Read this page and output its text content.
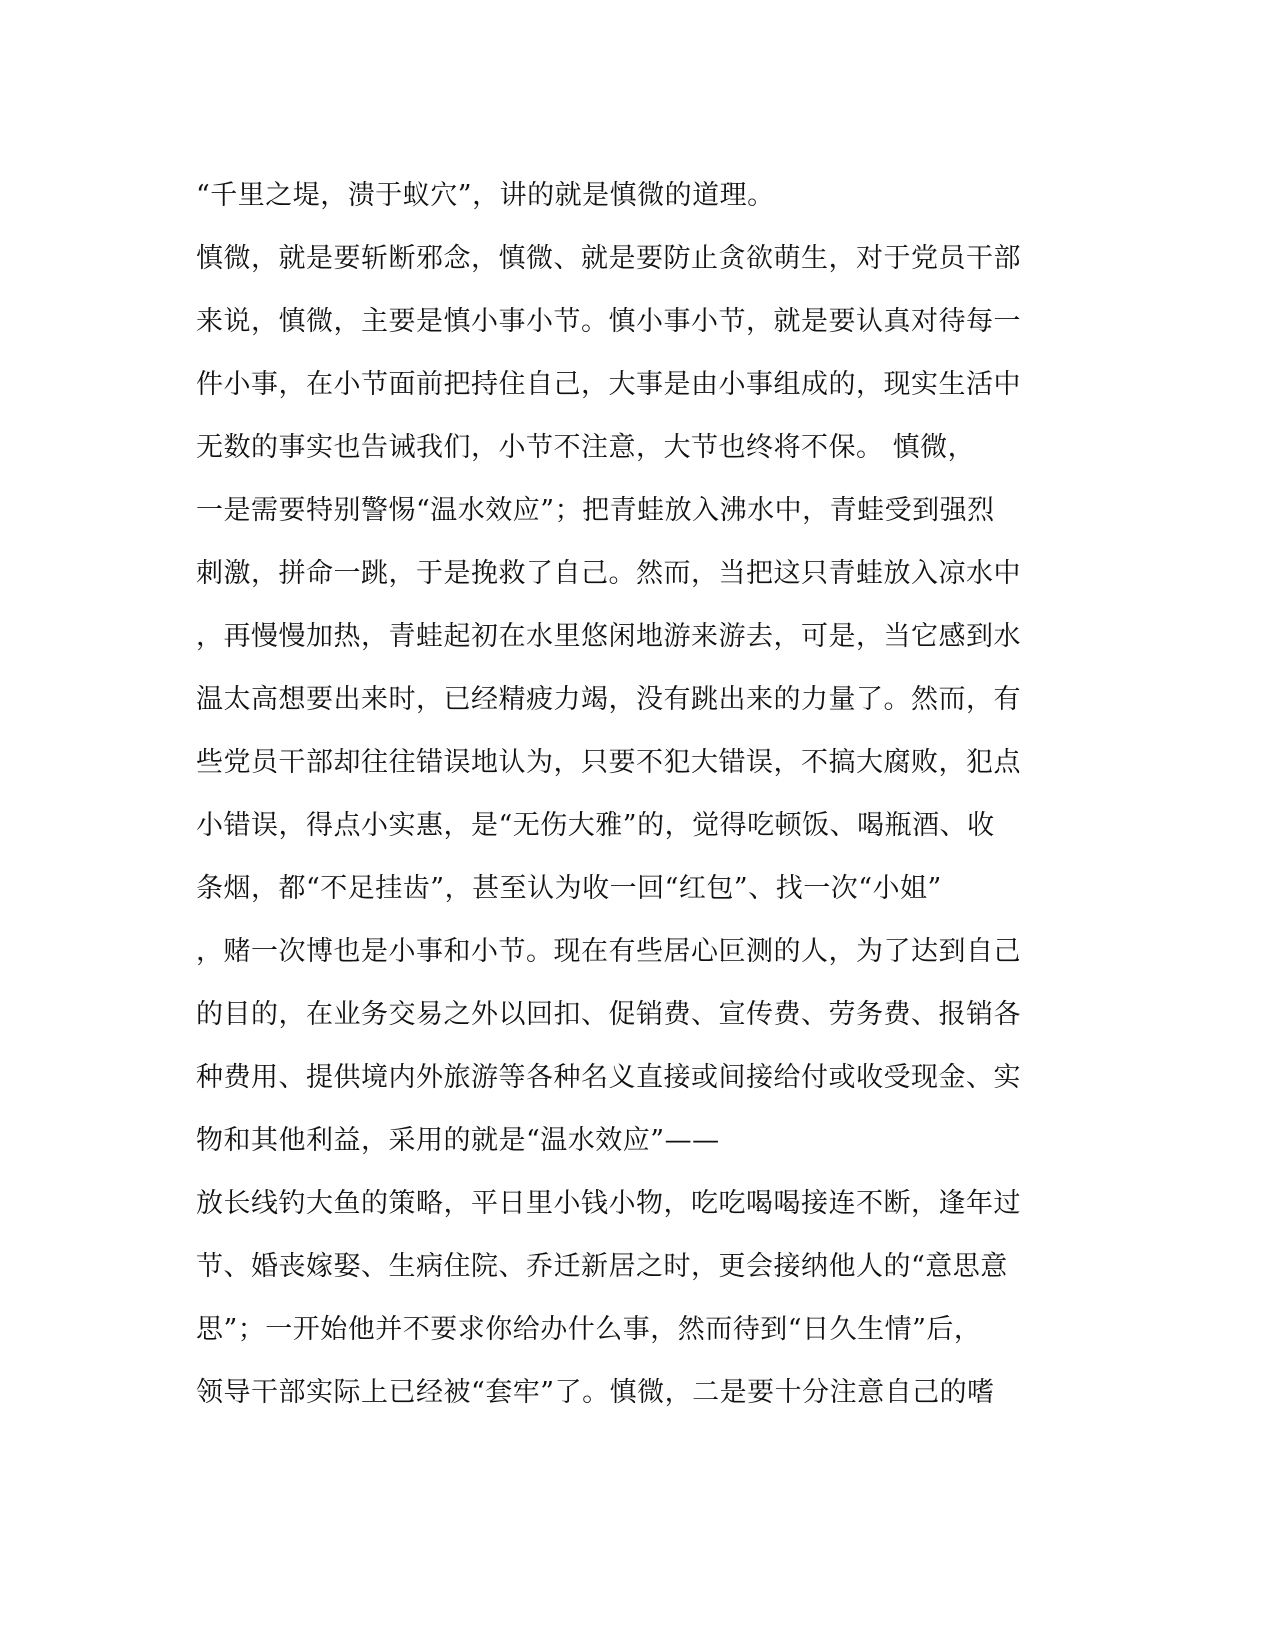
“千里之堤，溃于蚁穴”，讲的就是慎微的道理。
慎微，就是要斩断邪念，慎微、就是要防止贪欲萌生，对于党员干部
来说，慎微，主要是慎小事小节。慎小事小节，就是要认真对待每一
件小事，在小节面前把持住自己，大事是由小事组成的，现实生活中
无数的事实也告诫我们，小节不注意，大节也终将不保。 慎微，
一是需要特别警惕“温水效应”；把青蛙放入沸水中，青蛙受到强烈
刺激，拼命一跳，于是挽救了自己。然而，当把这只青蛙放入凉水中
，再慢慢加热，青蛙起初在水里悠闲地游来游去，可是，当它感到水
温太高想要出来时，已经精疲力竭，没有跳出来的力量了。然而，有
些党员干部却往往错误地认为，只要不犯大错误，不搞大腐败，犯点
小错误，得点小实惠，是“无伤大雅”的，觉得吃顿饭、喝瓶酒、收
条烟，都“不足挂齿”，甚至认为收一回“红包”、找一次“小姐”
，赌一次博也是小事和小节。现在有些居心叵测的人，为了达到自己
的目的，在业务交易之外以回扣、促销费、宣传费、劳务费、报销各
种费用、提供境内外旅游等各种名义直接或间接给付或收受现金、实
物和其他利益，采用的就是“温水效应”——
放长线钓大鱼的策略，平日里小钱小物，吃吃喝喝接连不断，逢年过
节、婚丧嫁娶、生病住院、乔迁新居之时，更会接纳他人的“意思意
思”；一开始他并不要求你给办什么事，然而待到“日久生情”后，
领导干部实际上已经被“套牢”了。慎微，二是要十分注意自己的嗜
